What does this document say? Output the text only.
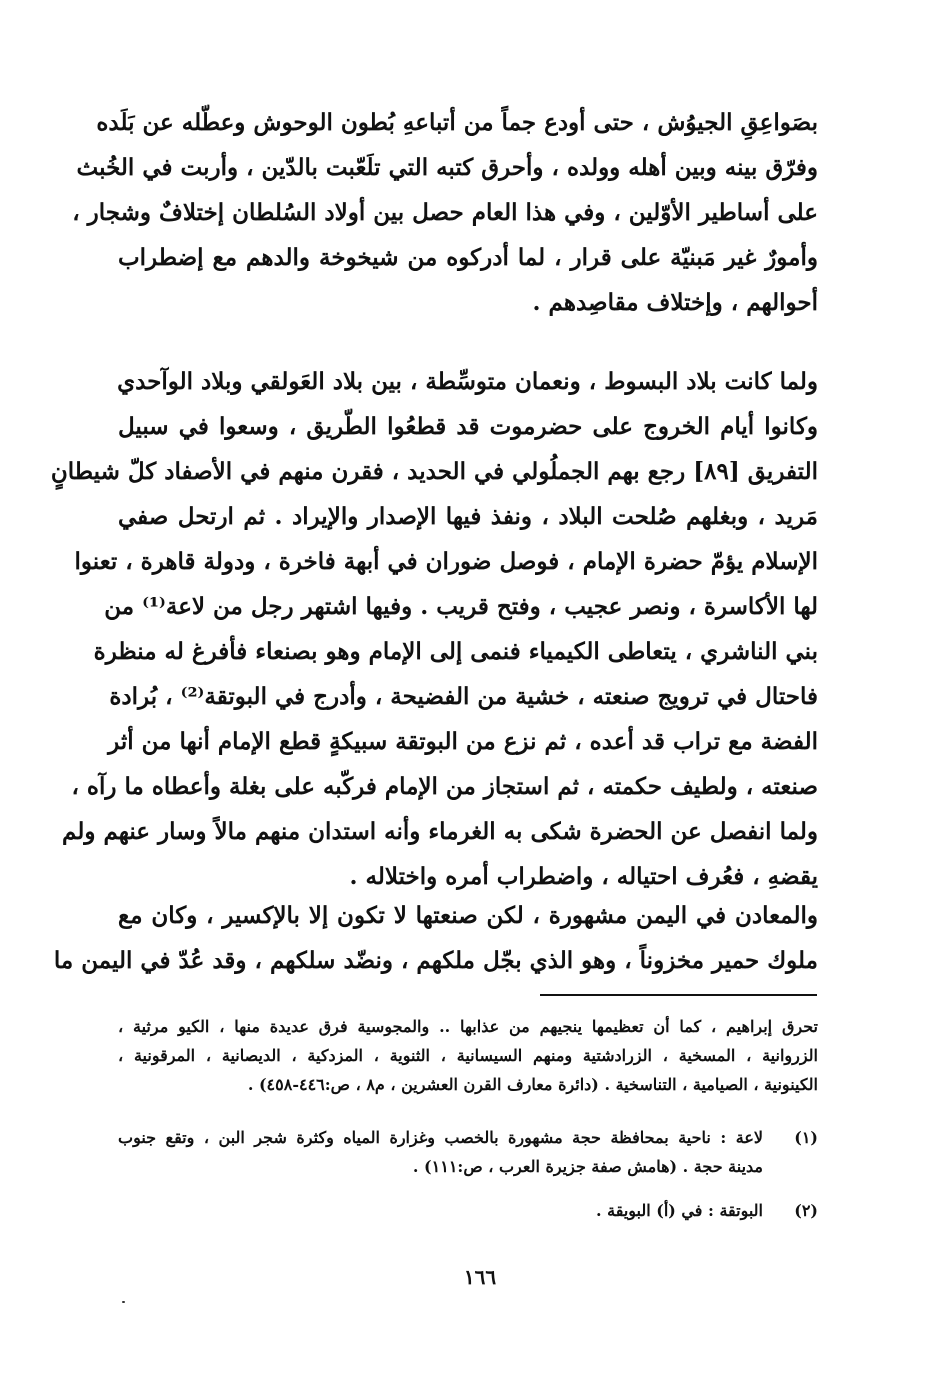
بصَواعِقِ الجيوُش ، حتى أودع جماً من أتباعهِ بُطون الوحوش وعطّله عن بَلَده
وفرّق بينه وبين أهله وولده ، وأحرق كتبه التي تلَعّبت بالدّين ، وأربت في الخُبث
على أساطير الأوّلين ، وفي هذا العام حصل بين أولاد السُلطان إختلافٌ وشجار ،
وأمورٌ غير مَبنيّة على قرار ، لما أدركوه من شيخوخة والدهم مع إضطراب
أحوالهم ، وإختلاف مقاصِدهم .
ولما كانت بلاد البسوط ، ونعمان متوسِّطة ، بين بلاد العَولقي وبلاد الوآحدي
وكانوا أيام الخروج على حضرموت قد قطعُوا الطّريق ، وسعوا في سبيل
التفريق [٨٩] رجع بهم الجملُولي في الحديد ، فقرن منهم في الأصفاد كلّ شيطانٍ
مَريد ، وبغلهم صُلحت البلاد ، ونفذ فيها الإصدار والإيراد . ثم ارتحل صفي
الإسلام يؤمّ حضرة الإمام ، فوصل ضوران في أبهة فاخرة ، ودولة قاهرة ، تعنوا
لها الأكاسرة ، ونصر عجيب ، وفتح قريب . وفيها اشتهر رجل من لاعة⁽¹⁾ من
بني الناشري ، يتعاطى الكيمياء فنمى إلى الإمام وهو بصنعاء فأفرغ له منظرة
فاحتال في ترويج صنعته ، خشية من الفضيحة ، وأدرج في البوتقة⁽²⁾ ، بُرادة
الفضة مع تراب قد أعده ، ثم نزع من البوتقة سبيكةٍ قطع الإمام أنها من أثر
صنعته ، ولطيف حكمته ، ثم استجاز من الإمام فركّبه على بغلة وأعطاه ما رآه ،
ولما انفصل عن الحضرة شكى به الغرماء وأنه استدان منهم مالاً وسار عنهم ولم
يقضهِ ، فعُرف احتياله ، واضطراب أمره واختلاله .
والمعادن في اليمن مشهورة ، لكن صنعتها لا تكون إلا بالإكسير ، وكان مع
ملوك حمير مخزوناً ، وهو الذي بجّل ملكهم ، ونضّد سلكهم ، وقد عُدّ في اليمن ما
تحرق إبراهيم ، كما أن تعظيمها ينجيهم من عذابها .. والمجوسية فرق عديدة منها ، الكيو مرثية ،
الزروانية ، المسخية ، الزرادشتية ومنهم السيسانية ، الثنوية ، المزدكية ، الديصانية ، المرقونية ،
الكينونية ، الصيامية ، التناسخية . (دائرة معارف القرن العشرين ، م٨ ، ص:٤٤٦-٤٥٨) .
(١)
لاعة : ناحية بمحافظة حجة مشهورة بالخصب وغزارة المياه وكثرة شجر البن ، وتقع جنوب
مدينة حجة . (هامش صفة جزيرة العرب ، ص:١١١) .
(٢)
البوتقة : في (أ) البويقة .
١٦٦
